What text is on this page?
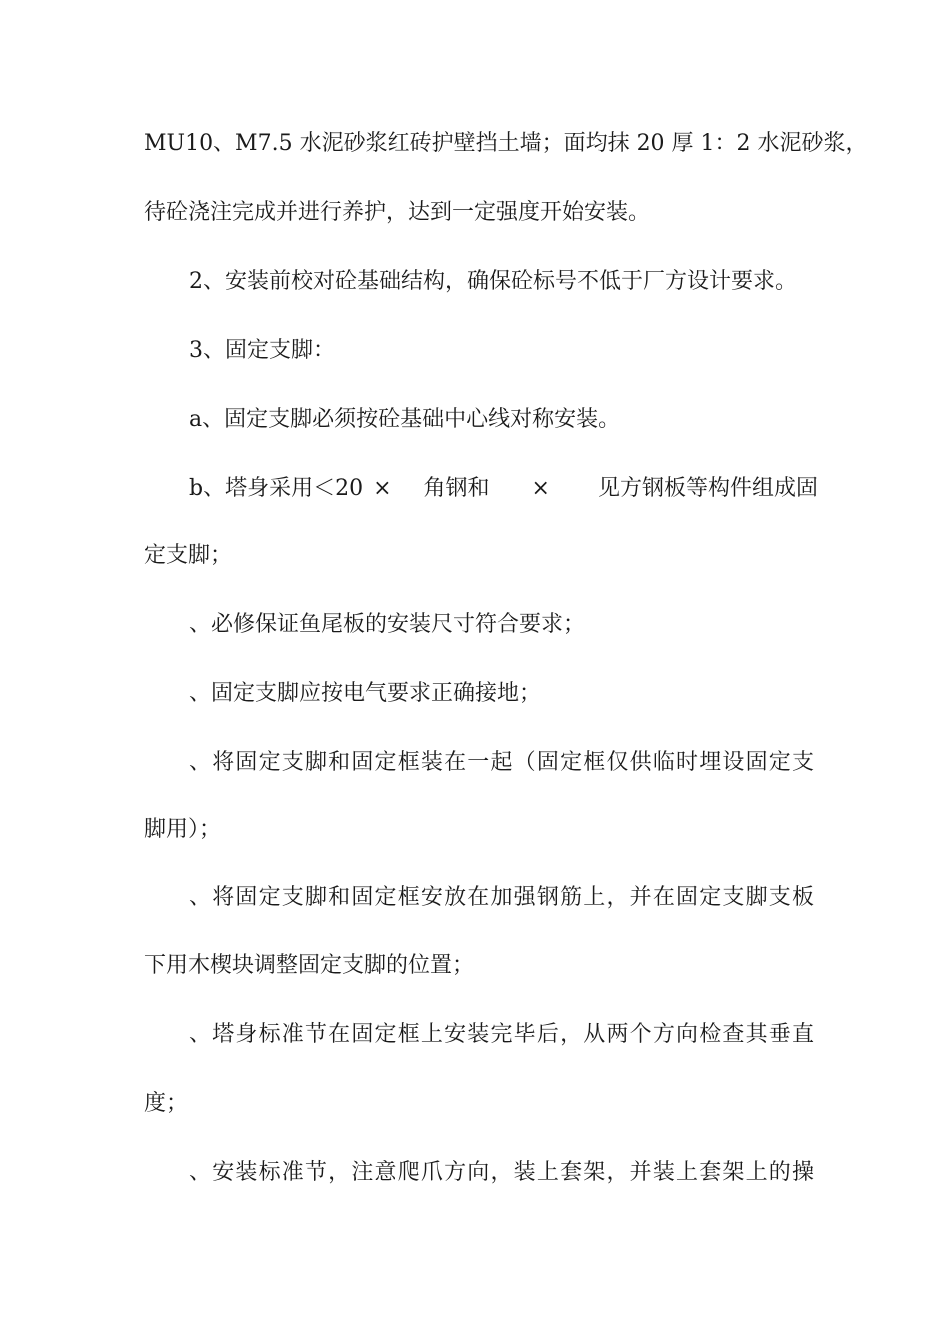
MU10、M7.5 水泥砂浆红砖护壁挡土墙；面均抹 20 厚 1：2 水泥砂浆，
待砼浇注完成并进行养护，达到一定强度开始安装。
2、安装前校对砼基础结构，确保砼标号不低于厂方设计要求。
3、固定支脚：
a、固定支脚必须按砼基础中心线对称安装。
b、塔身采用＜20 × 角钢和 × 见方钢板等构件组成固
定支脚；
、必修保证鱼尾板的安装尺寸符合要求；
、固定支脚应按电气要求正确接地；
、将固定支脚和固定框装在一起（固定框仅供临时埋设固定支
脚用）；
、将固定支脚和固定框安放在加强钢筋上，并在固定支脚支板
下用木楔块调整固定支脚的位置；
、塔身标准节在固定框上安装完毕后，从两个方向检查其垂直
度；
、安装标准节，注意爬爪方向，装上套架，并装上套架上的操
